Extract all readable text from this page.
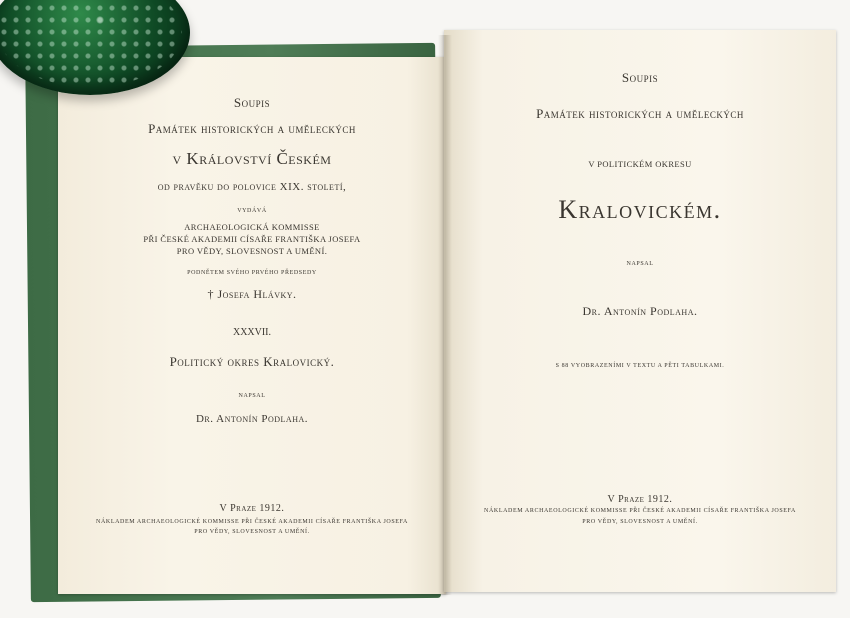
Soupis

Památek historických a uměleckých

v Království Českém

od pravěku do polovice XIX. století,

VYDÁVÁ

ARCHAEOLOGICKÁ KOMMISSE

PŘI ČESKÉ AKADEMII CÍSAŘE FRANTIŠKA JOSEFA

PRO VĚDY, SLOVESNOST A UMĚNÍ.

PODNĚTEM SVÉHO PRVÉHO PŘEDSEDY

† Josefa Hlávky.

XXXVII.

Politický okres Kralovický.

NAPSAL

Dr. Antonín Podlaha.

V Praze 1912.

NÁKLADEM ARCHAEOLOGICKÉ KOMMISSE PŘI ČESKÉ AKADEMII CÍSAŘE FRANTIŠKA JOSEFA

PRO VĚDY, SLOVESNOST A UMĚNÍ.

Soupis

Památek historických a uměleckých

V POLITICKÉM OKRESU

Kralovickém.

NAPSAL

Dr. Antonín Podlaha.

S 88 VYOBRAZENÍMI V TEXTU A PĚTI TABULKAMI.

V Praze 1912.

NÁKLADEM ARCHAEOLOGICKÉ KOMMISSE PŘI ČESKÉ AKADEMII CÍSAŘE FRANTIŠKA JOSEFA

PRO VĚDY, SLOVESNOST A UMĚNÍ.
